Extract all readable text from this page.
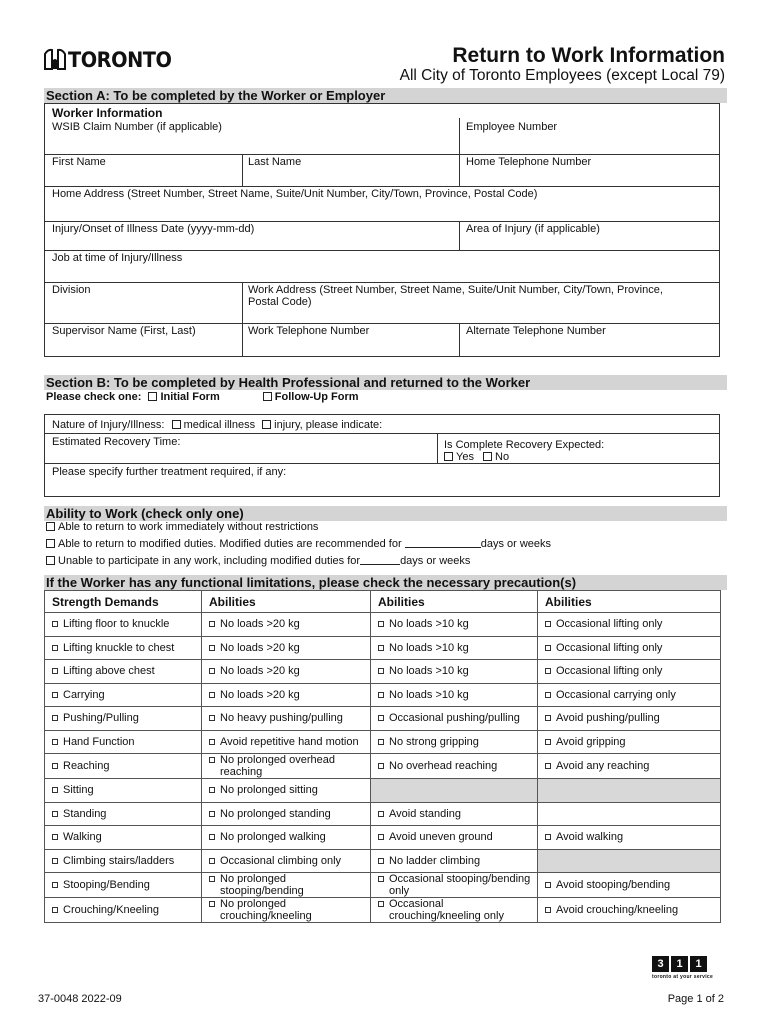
TORONTO	Return to Work Information
All City of Toronto Employees (except Local 79)
Section A: To be completed by the Worker or Employer
Worker Information
WSIB Claim Number (if applicable)	Employee Number
First Name	Last Name	Home Telephone Number
Home Address (Street Number, Street Name, Suite/Unit Number, City/Town, Province, Postal Code)
Injury/Onset of Illness Date (yyyy-mm-dd)	Area of Injury (if applicable)
Job at time of Injury/Illness
Division	Work Address (Street Number, Street Name, Suite/Unit Number, City/Town, Province, Postal Code)
Supervisor Name (First, Last)	Work Telephone Number	Alternate Telephone Number
Section B: To be completed by Health Professional and returned to the Worker
Please check one: Initial Form	Follow-Up Form
Nature of Injury/Illness: medical illness injury, please indicate:
Estimated Recovery Time:	Is Complete Recovery Expected:
Yes No
Please specify further treatment required, if any:
Ability to Work (check only one)
Able to return to work immediately without restrictions
Able to return to modified duties. Modified duties are recommended for	days or weeks
Unable to participate in any work, including modified duties for	days or weeks
If the Worker has any functional limitations, please check the necessary precaution(s)
Strength Demands	Abilities	Abilities	Abilities

Lifting floor to knuckle	No loads >20 kg	No loads >10 kg	Occasional lifting only

Lifting knuckle to chest	No loads >20 kg	No loads >10 kg	Occasional lifting only

Lifting above chest	No loads >20 kg	No loads >10 kg	Occasional lifting only

Carrying	No loads >20 kg	No loads >10 kg	Occasional carrying only

Pushing/Pulling	No heavy pushing/pulling	Occasional pushing/pulling	Avoid pushing/pulling

Hand Function	Avoid repetitive hand motion	No strong gripping	Avoid gripping

Reaching	No prolonged overhead reaching	No overhead reaching	Avoid any reaching

Sitting	No prolonged sitting		

Standing	No prolonged standing	Avoid standing	

Walking	No prolonged walking	Avoid uneven ground	Avoid walking

Climbing stairs/ladders	Occasional climbing only	No ladder climbing	

Stooping/Bending	No prolonged stooping/bending	Occasional stooping/bending only	Avoid stooping/bending

Crouching/Kneeling	No prolonged crouching/kneeling	Occasional crouching/kneeling only	Avoid crouching/kneeling
3	1	1
toronto at your service
37-0048 2022-09	Page 1 of 2
